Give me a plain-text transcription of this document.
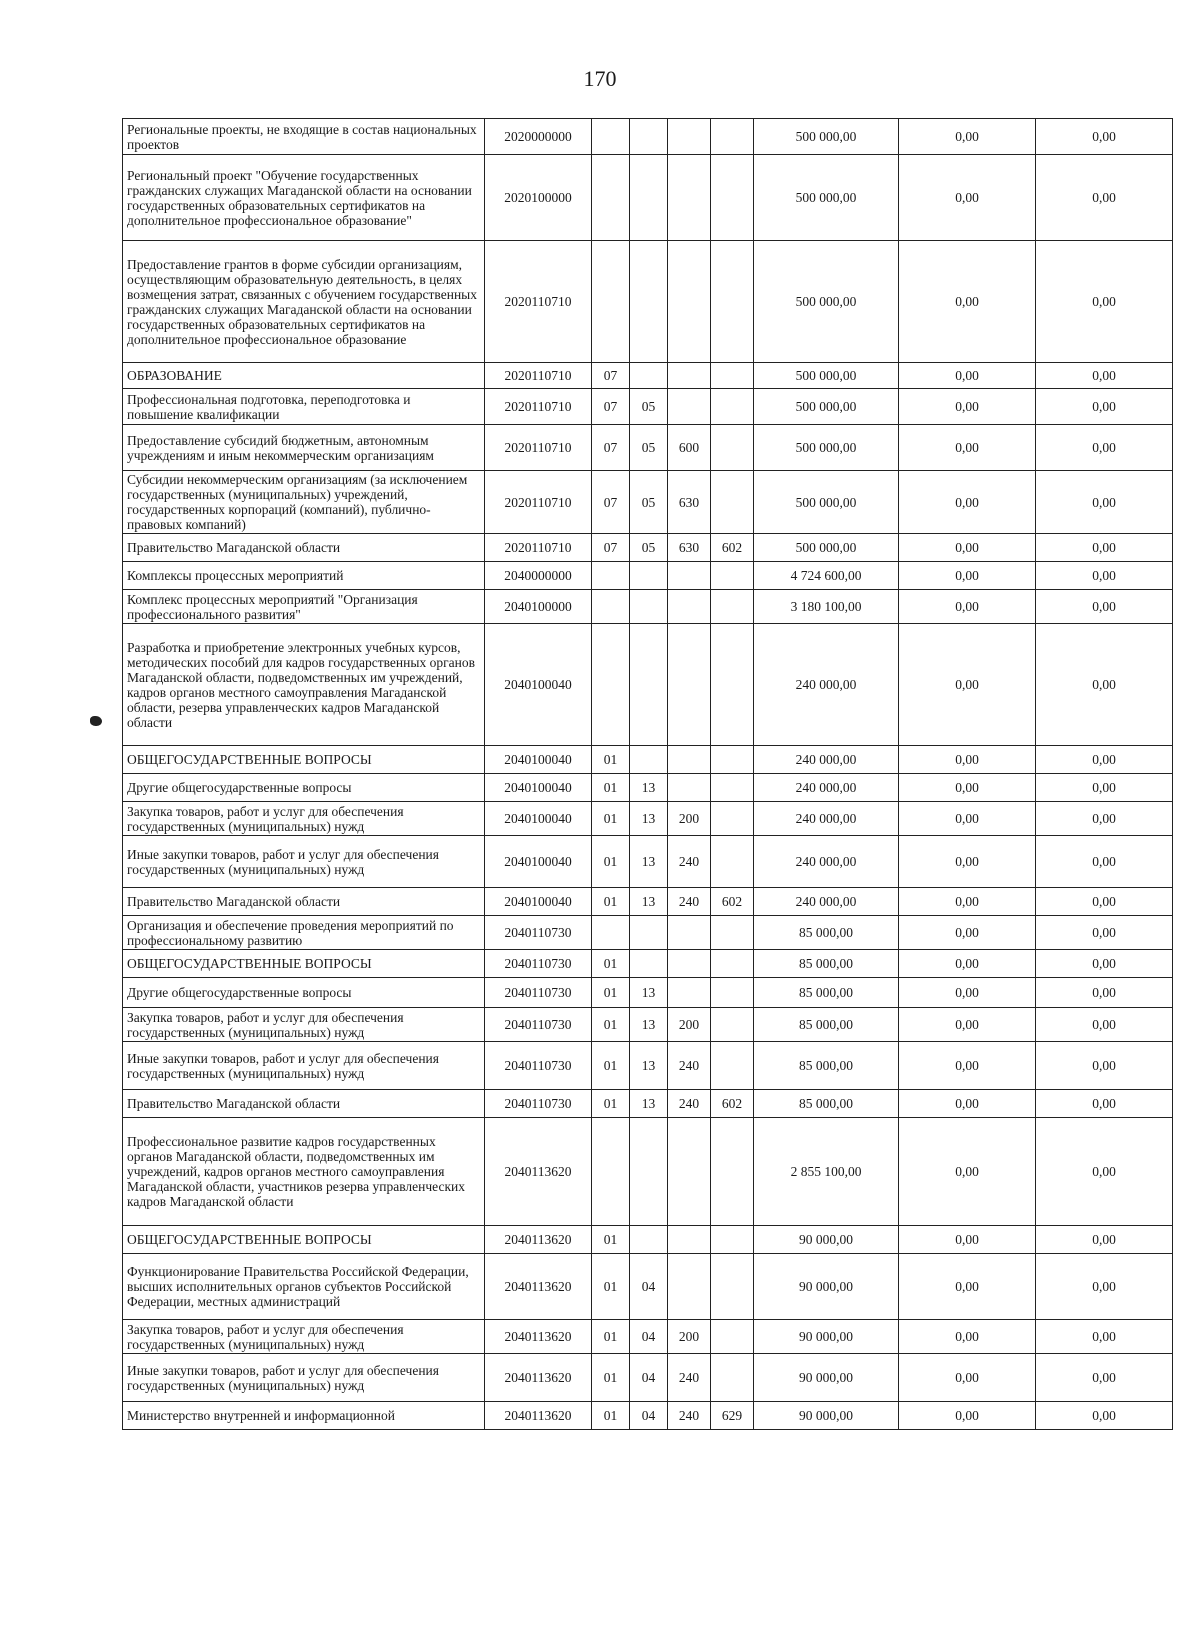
170
Региональные проекты, не входящие в состав национальных проектов	2020000000					500 000,00	0,00	0,00
Региональный проект "Обучение государственных гражданских служащих Магаданской области на основании государственных образовательных сертификатов на дополнительное профессиональное образование"	2020100000					500 000,00	0,00	0,00
Предоставление грантов в форме субсидии организациям, осуществляющим образовательную деятельность, в целях возмещения затрат, связанных с обучением государственных гражданских служащих Магаданской области на основании государственных образовательных сертификатов на дополнительное профессиональное образование	2020110710					500 000,00	0,00	0,00
ОБРАЗОВАНИЕ	2020110710	07				500 000,00	0,00	0,00
Профессиональная подготовка, переподготовка и повышение квалификации	2020110710	07	05			500 000,00	0,00	0,00
Предоставление субсидий бюджетным, автономным учреждениям и иным некоммерческим организациям	2020110710	07	05	600		500 000,00	0,00	0,00
Субсидии некоммерческим организациям (за исключением государственных (муниципальных) учреждений, государственных корпораций (компаний), публично-правовых компаний)	2020110710	07	05	630		500 000,00	0,00	0,00
Правительство Магаданской области	2020110710	07	05	630	602	500 000,00	0,00	0,00
Комплексы процессных мероприятий	2040000000					4 724 600,00	0,00	0,00
Комплекс процессных мероприятий "Организация профессионального развития"	2040100000					3 180 100,00	0,00	0,00
Разработка и приобретение электронных учебных курсов, методических пособий для кадров государственных органов Магаданской области, подведомственных им учреждений, кадров органов местного самоуправления Магаданской области, резерва управленческих кадров Магаданской области	2040100040					240 000,00	0,00	0,00
ОБЩЕГОСУДАРСТВЕННЫЕ ВОПРОСЫ	2040100040	01				240 000,00	0,00	0,00
Другие общегосударственные вопросы	2040100040	01	13			240 000,00	0,00	0,00
Закупка товаров, работ и услуг для обеспечения государственных (муниципальных) нужд	2040100040	01	13	200		240 000,00	0,00	0,00
Иные закупки товаров, работ и услуг для обеспечения государственных (муниципальных) нужд	2040100040	01	13	240		240 000,00	0,00	0,00
Правительство Магаданской области	2040100040	01	13	240	602	240 000,00	0,00	0,00
Организация и обеспечение проведения мероприятий по профессиональному развитию	2040110730					85 000,00	0,00	0,00
ОБЩЕГОСУДАРСТВЕННЫЕ ВОПРОСЫ	2040110730	01				85 000,00	0,00	0,00
Другие общегосударственные вопросы	2040110730	01	13			85 000,00	0,00	0,00
Закупка товаров, работ и услуг для обеспечения государственных (муниципальных) нужд	2040110730	01	13	200		85 000,00	0,00	0,00
Иные закупки товаров, работ и услуг для обеспечения государственных (муниципальных) нужд	2040110730	01	13	240		85 000,00	0,00	0,00
Правительство Магаданской области	2040110730	01	13	240	602	85 000,00	0,00	0,00
Профессиональное развитие кадров государственных органов Магаданской области, подведомственных им учреждений, кадров органов местного самоуправления Магаданской области, участников резерва управленческих кадров Магаданской области	2040113620					2 855 100,00	0,00	0,00
ОБЩЕГОСУДАРСТВЕННЫЕ ВОПРОСЫ	2040113620	01				90 000,00	0,00	0,00
Функционирование Правительства Российской Федерации, высших исполнительных органов субъектов Российской Федерации, местных администраций	2040113620	01	04			90 000,00	0,00	0,00
Закупка товаров, работ и услуг для обеспечения государственных (муниципальных) нужд	2040113620	01	04	200		90 000,00	0,00	0,00
Иные закупки товаров, работ и услуг для обеспечения государственных (муниципальных) нужд	2040113620	01	04	240		90 000,00	0,00	0,00
Министерство внутренней и информационной	2040113620	01	04	240	629	90 000,00	0,00	0,00
